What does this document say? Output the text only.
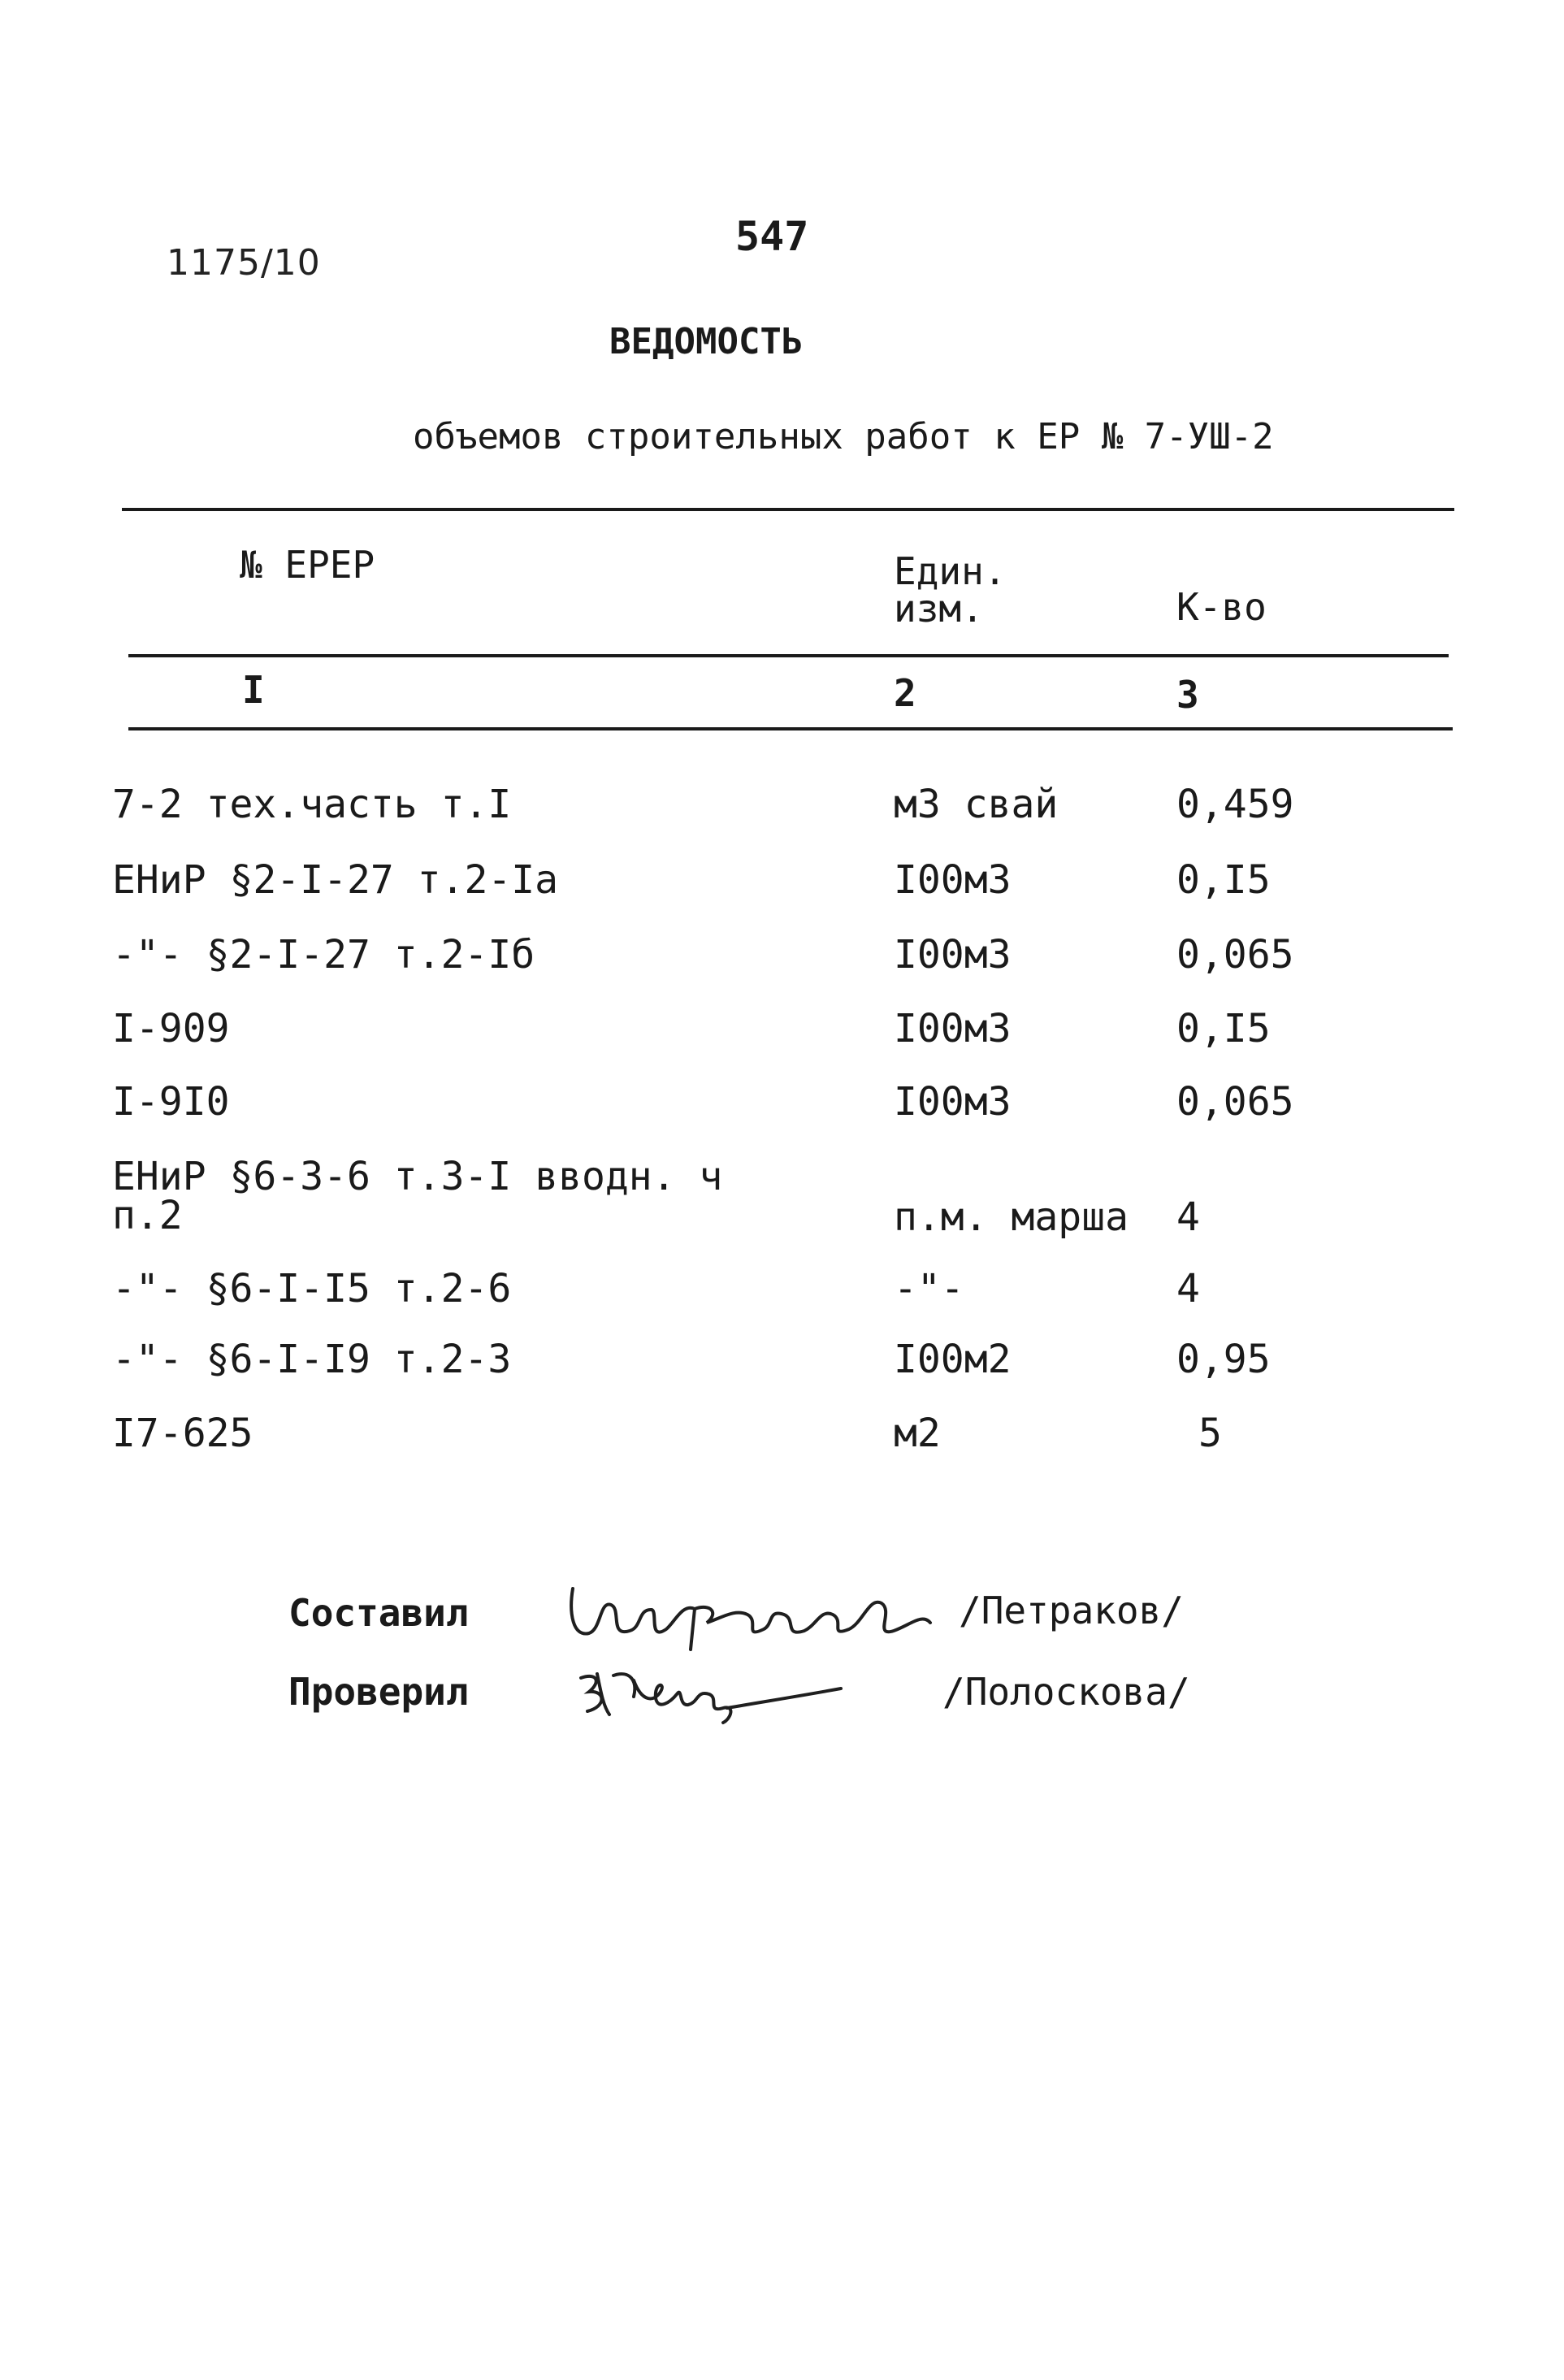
1175/10
547
ВЕДОМОСТЬ
объемов строительных работ к ЕР № 7-УШ-2
№ ЕРЕР	Един.
изм.	К-во
I	2	3
7-2 тех.часть т.I	м3 свай	0,459
ЕНиР §2-I-27 т.2-Iа	I00м3	0,I5
-"- §2-I-27 т.2-Iб	I00м3	0,065
I-909	I00м3	0,I5
I-9I0	I00м3	0,065
ЕНиР §6-3-6 т.3-I вводн. ч
п.2	п.м. марша 4
-"- §6-I-I5 т.2-6	-"-	4
-"- §6-I-I9 т.2-3	I00м2	0,95
I7-625	м2	5
Составил	/Петраков/
Проверил	/Полоскова/
